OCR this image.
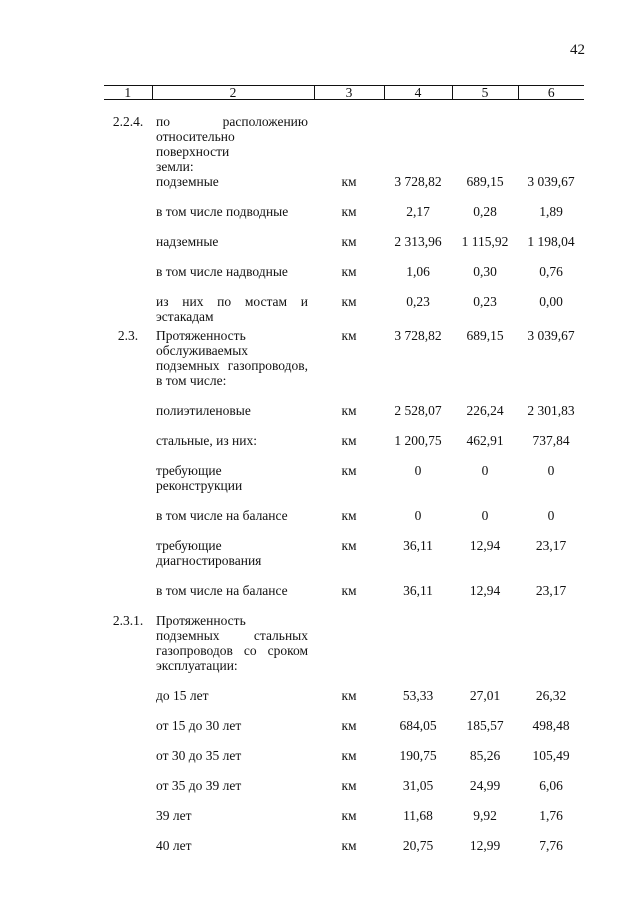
42
1	2	3	4	5	6

2.2.4.	по расположению
относительно поверхности
земли:				

	подземные	км	3 728,82	689,15	3 039,67

	в том числе подводные	км	2,17	0,28	1,89

	надземные	км	2 313,96	1 115,92	1 198,04

	в том числе надводные	км	1,06	0,30	0,76

	из них по мостам и
эстакадам	км	0,23	0,23	0,00

2.3.	Протяженность
обслуживаемых
подземных газопроводов,
в том числе:	км	3 728,82	689,15	3 039,67

	полиэтиленовые	км	2 528,07	226,24	2 301,83

	стальные, из них:	км	1 200,75	462,91	737,84

	требующие
реконструкции	км	0	0	0

	в том числе на балансе	км	0	0	0

	требующие
диагностирования	км	36,11	12,94	23,17

	в том числе на балансе	км	36,11	12,94	23,17

2.3.1.	Протяженность
подземных стальных
газопроводов со сроком
эксплуатации:				

	до 15 лет	км	53,33	27,01	26,32

	от 15 до 30 лет	км	684,05	185,57	498,48

	от 30 до 35 лет	км	190,75	85,26	105,49

	от 35 до 39 лет	км	31,05	24,99	6,06

	39 лет	км	11,68	9,92	1,76

	40 лет	км	20,75	12,99	7,76
